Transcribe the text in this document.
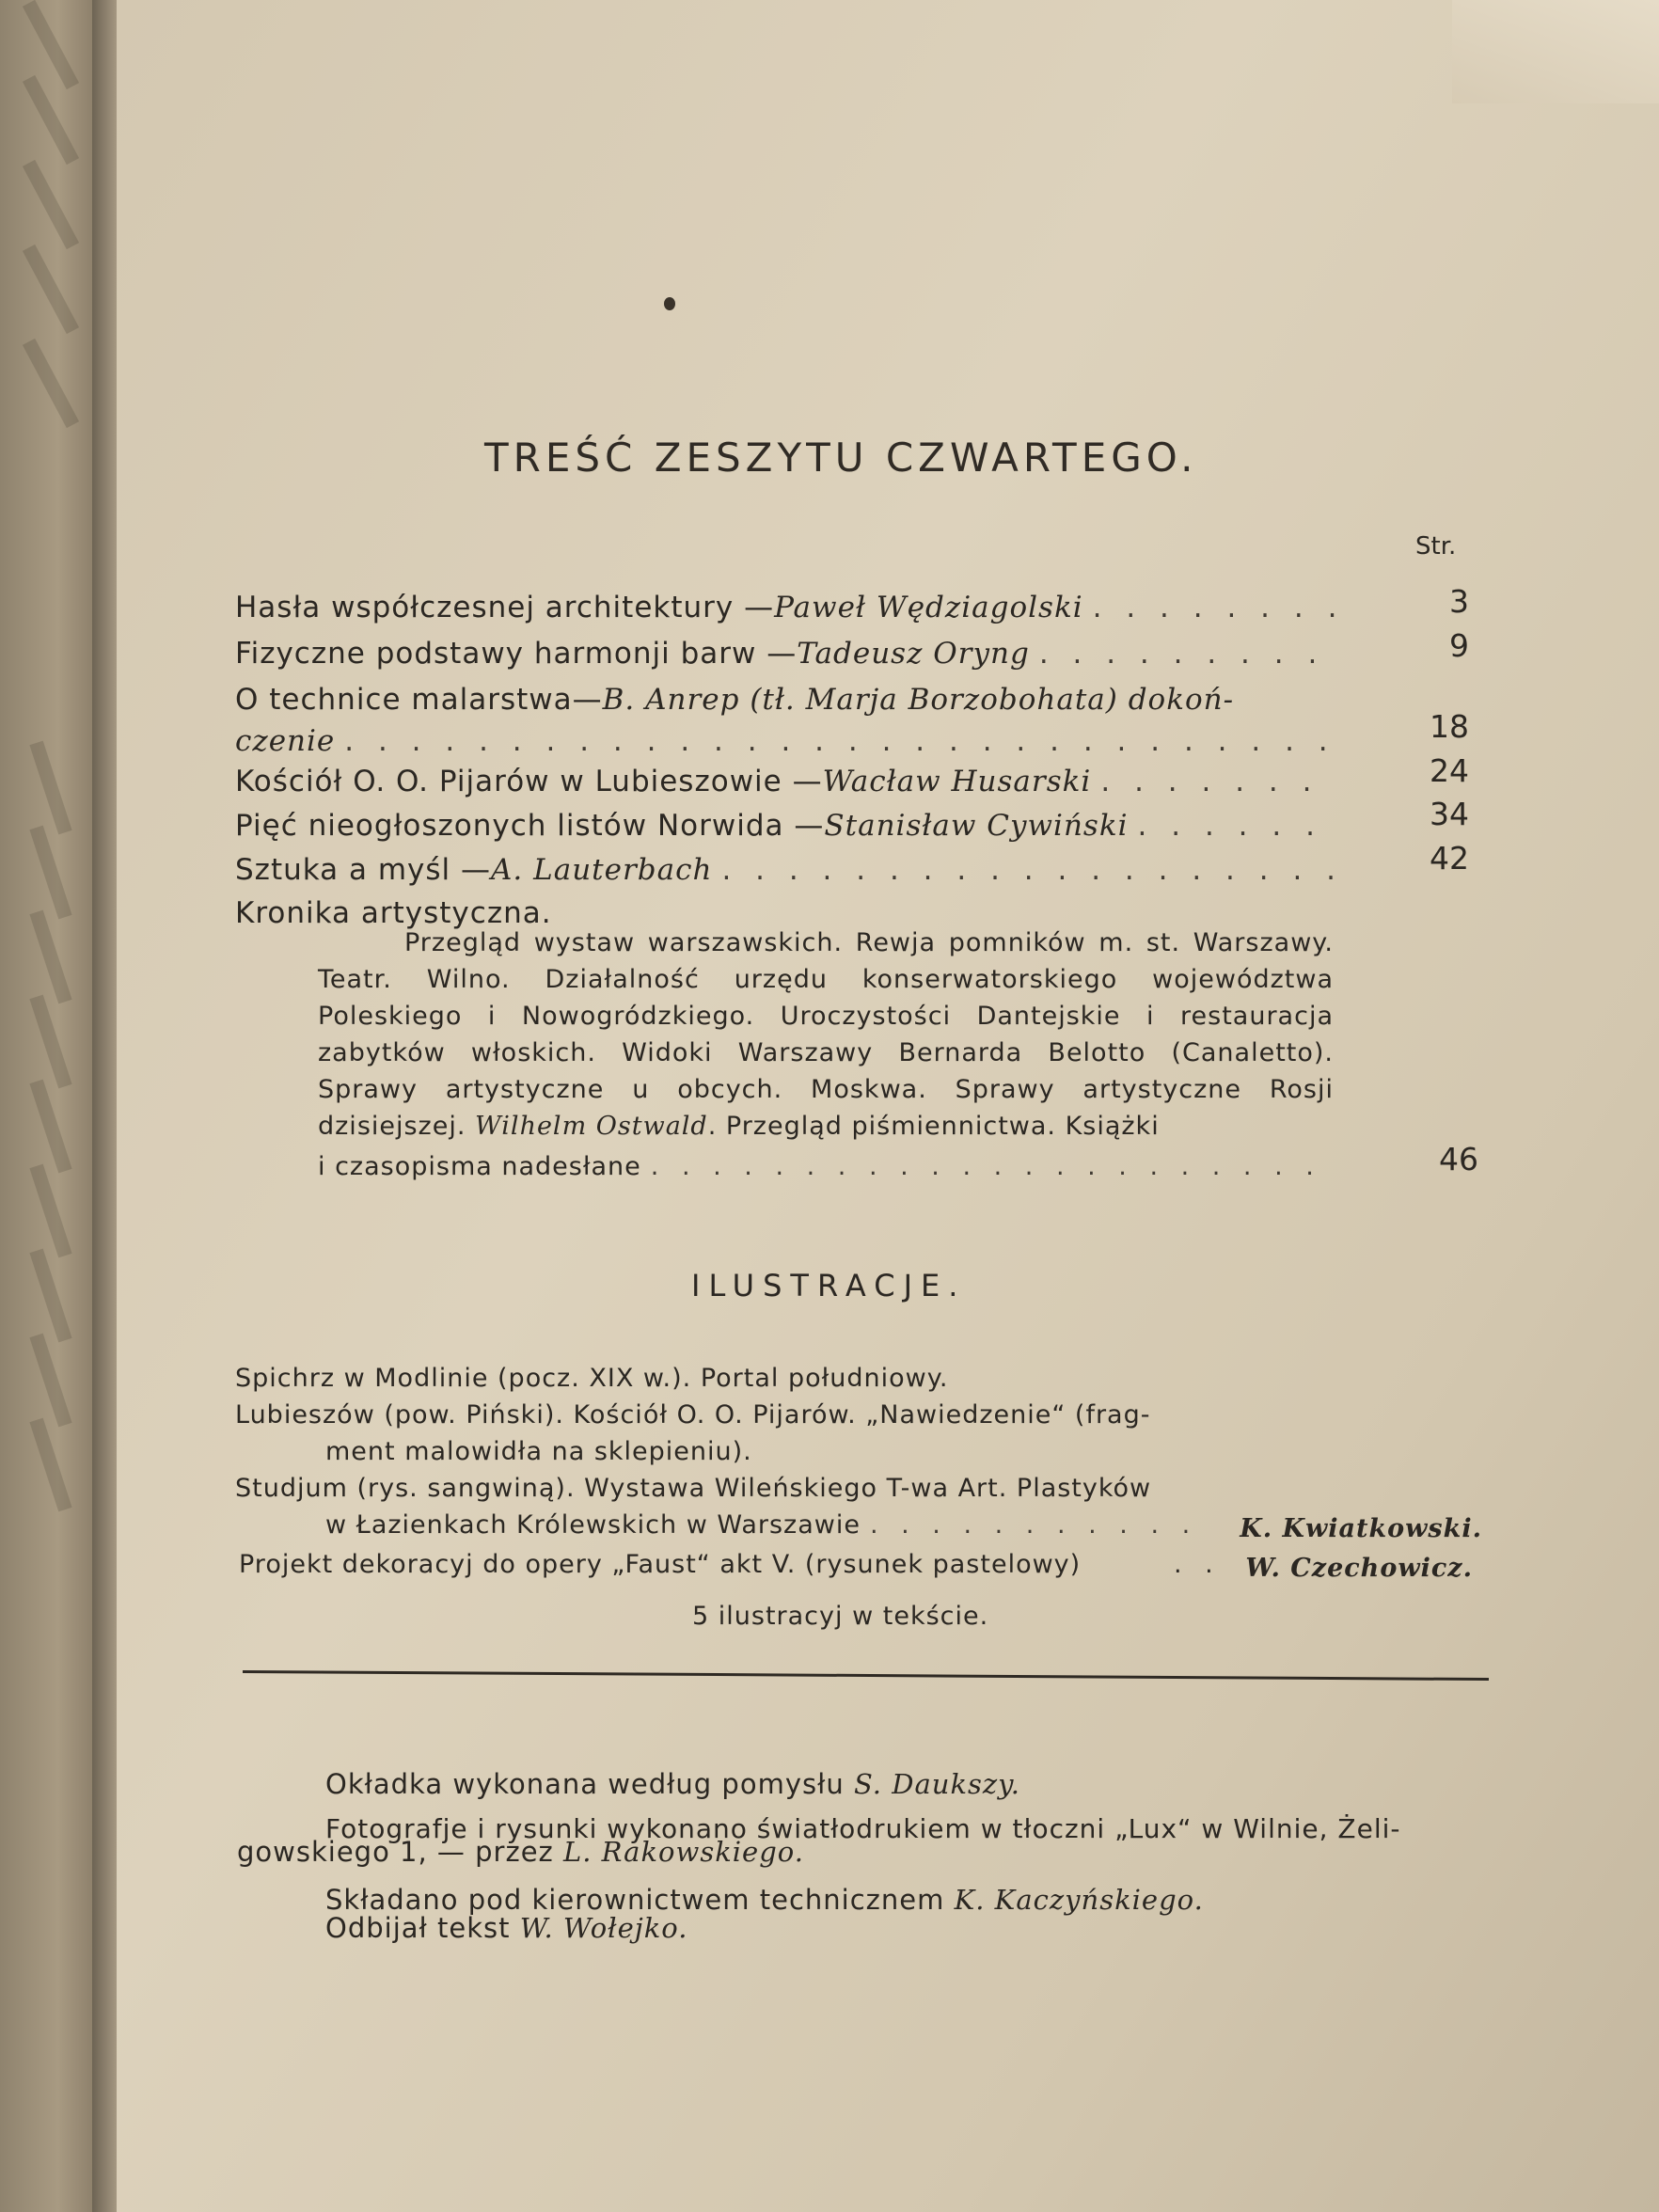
TREŚĆ ZESZYTU CZWARTEGO.
Str.
Hasła współczesnej architektury — Paweł Wędziagolski . . .	3
Fizyczne podstawy harmonji barw — Tadeusz Oryng . . .	9
O technice malarstwa— B. Anrep (tł. Marja Borzobohata) dokoń-
czenie . . .	18
Kościół O. O. Pijarów w Lubieszowie — Wacław Husarski . . .	24
Pięć nieogłoszonych listów Norwida — Stanisław Cywiński . . .	34
Sztuka a myśl — A. Lauterbach . . .	42
Kronika artystyczna.

Przegląd wystaw warszawskich. Rewja pomników m. st. Warszawy. Teatr. Wilno. Działalność urzędu konserwatorskiego województwa Poleskiego i Nowogródzkiego. Uroczystości Dantejskie i restauracja zabytków włoskich. Widoki Warszawy Bernarda Belotto (Canaletto). Sprawy artystyczne u obcych. Moskwa. Sprawy artystyczne Rosji dzisiejszej. Wilhelm Ostwald. Przegląd piśmiennictwa. Książki

i czasopisma nadesłane . . .	46
ILUSTRACJE.
Spichrz w Modlinie (pocz. XIX w.). Portal południowy.
Lubieszów (pow. Piński). Kościół O. O. Pijarów. „Nawiedzenie“ (frag-
ment malowidła na sklepieniu).
Studjum (rys. sangwiną). Wystawa Wileńskiego T-wa Art. Plastyków
w Łazienkach Królewskich w Warszawie . . .	K. Kwiatkowski.
Projekt dekoracyj do opery „Faust“ akt V. (rysunek pastelowy)	. . W. Czechowicz.
5 ilustracyj w tekście.
Okładka wykonana według pomysłu S. Daukszy.
Fotografje i rysunki wykonano światłodrukiem w tłoczni „Lux“ w Wilnie, Żeli-
gowskiego 1, — przez L. Rakowskiego.
Składano pod kierownictwem technicznem K. Kaczyńskiego.
Odbijał tekst W. Wołejko.
